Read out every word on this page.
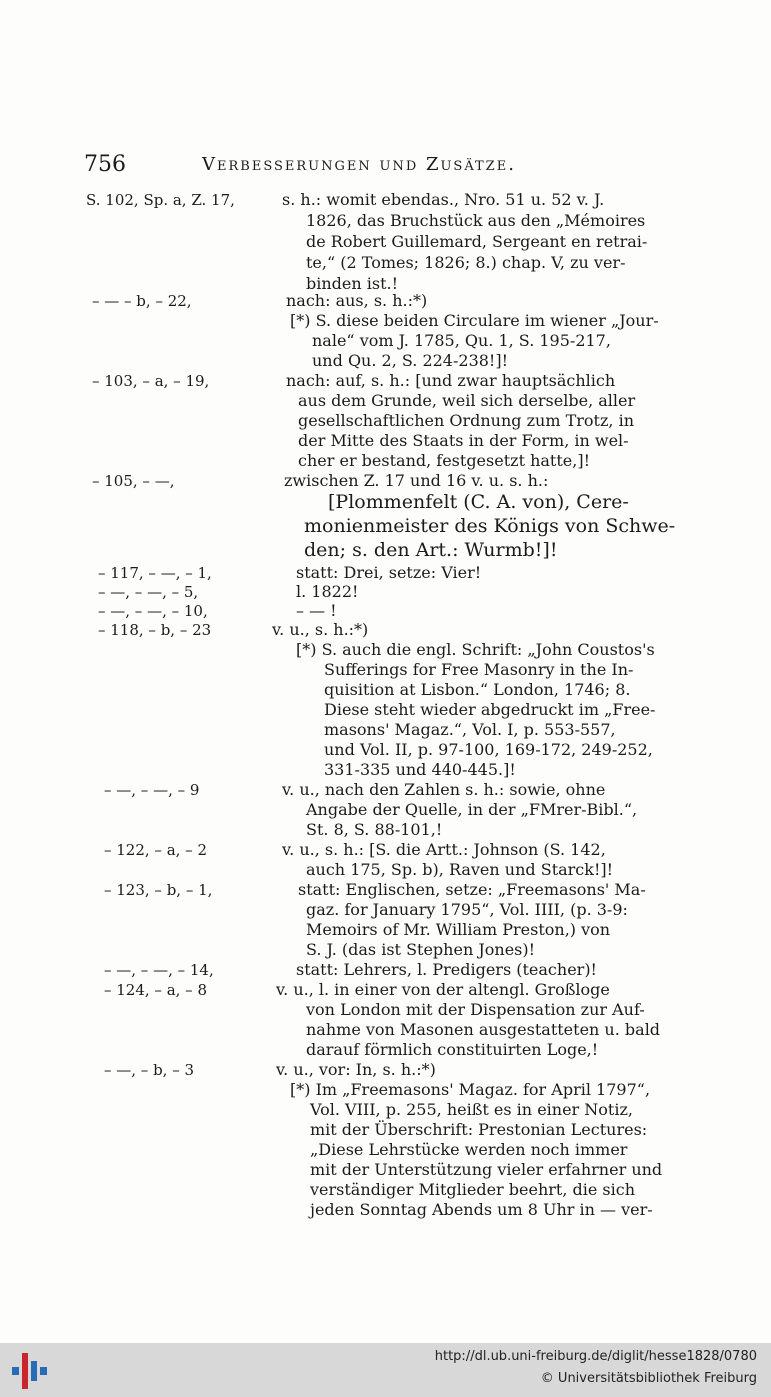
756	Verbesserungen und Zusätze.
S. 102, Sp. a, Z. 17,	s. h.: womit ebendas., Nro. 51 u. 52 v. J.
1826, das Bruchstück aus den „Mémoires
de Robert Guillemard, Sergeant en retrai-
te,“ (2 Tomes; 1826; 8.) chap. V, zu ver-
binden ist.!
– — – b, – 22,	nach: aus, s. h.:*)
[*) S. diese beiden Circulare im wiener „Jour-
nale“ vom J. 1785, Qu. 1, S. 195-217,
und Qu. 2, S. 224-238!]!
– 103, – a, – 19,	nach: auf, s. h.: [und zwar hauptsächlich
aus dem Grunde, weil sich derselbe, aller
gesellschaftlichen Ordnung zum Trotz, in
der Mitte des Staats in der Form, in wel-
cher er bestand, festgesetzt hatte,]!
– 105, – —,	zwischen Z. 17 und 16 v. u. s. h.:
[Plommenfelt (C. A. von), Cere-
monienmeister des Königs von Schwe-
den; s. den Art.: Wurmb!]!
– 117, – —, – 1,	statt: Drei, setze: Vier!
– —, – —, – 5,	l. 1822!
– —, – —, – 10,	– — !
– 118, – b, – 23	v. u., s. h.:*)
[*) S. auch die engl. Schrift: „John Coustos's
Sufferings for Free Masonry in the In-
quisition at Lisbon.“ London, 1746; 8.
Diese steht wieder abgedruckt im „Free-
masons' Magaz.“, Vol. I, p. 553-557,
und Vol. II, p. 97-100, 169-172, 249-252,
331-335 und 440-445.]!
– —, – —, – 9	v. u., nach den Zahlen s. h.: sowie, ohne
Angabe der Quelle, in der „FMrer-Bibl.“,
St. 8, S. 88-101,!
– 122, – a, – 2	v. u., s. h.: [S. die Artt.: Johnson (S. 142,
auch 175, Sp. b), Raven und Starck!]!
– 123, – b, – 1,	statt: Englischen, setze: „Freemasons' Ma-
gaz. for January 1795“, Vol. IIII, (p. 3-9:
Memoirs of Mr. William Preston,) von
S. J. (das ist Stephen Jones)!
– —, – —, – 14,	statt: Lehrers, l. Predigers (teacher)!
– 124, – a, – 8	v. u., l. in einer von der altengl. Großloge
von London mit der Dispensation zur Auf-
nahme von Masonen ausgestatteten u. bald
darauf förmlich constituirten Loge,!
– —, – b, – 3	v. u., vor: In, s. h.:*)
[*) Im „Freemasons' Magaz. for April 1797“,
Vol. VIII, p. 255, heißt es in einer Notiz,
mit der Überschrift: Prestonian Lectures:
„Diese Lehrstücke werden noch immer
mit der Unterstützung vieler erfahrner und
verständiger Mitglieder beehrt, die sich
jeden Sonntag Abends um 8 Uhr in — ver-
http://dl.ub.uni-freiburg.de/diglit/hesse1828/0780
© Universitätsbibliothek Freiburg
